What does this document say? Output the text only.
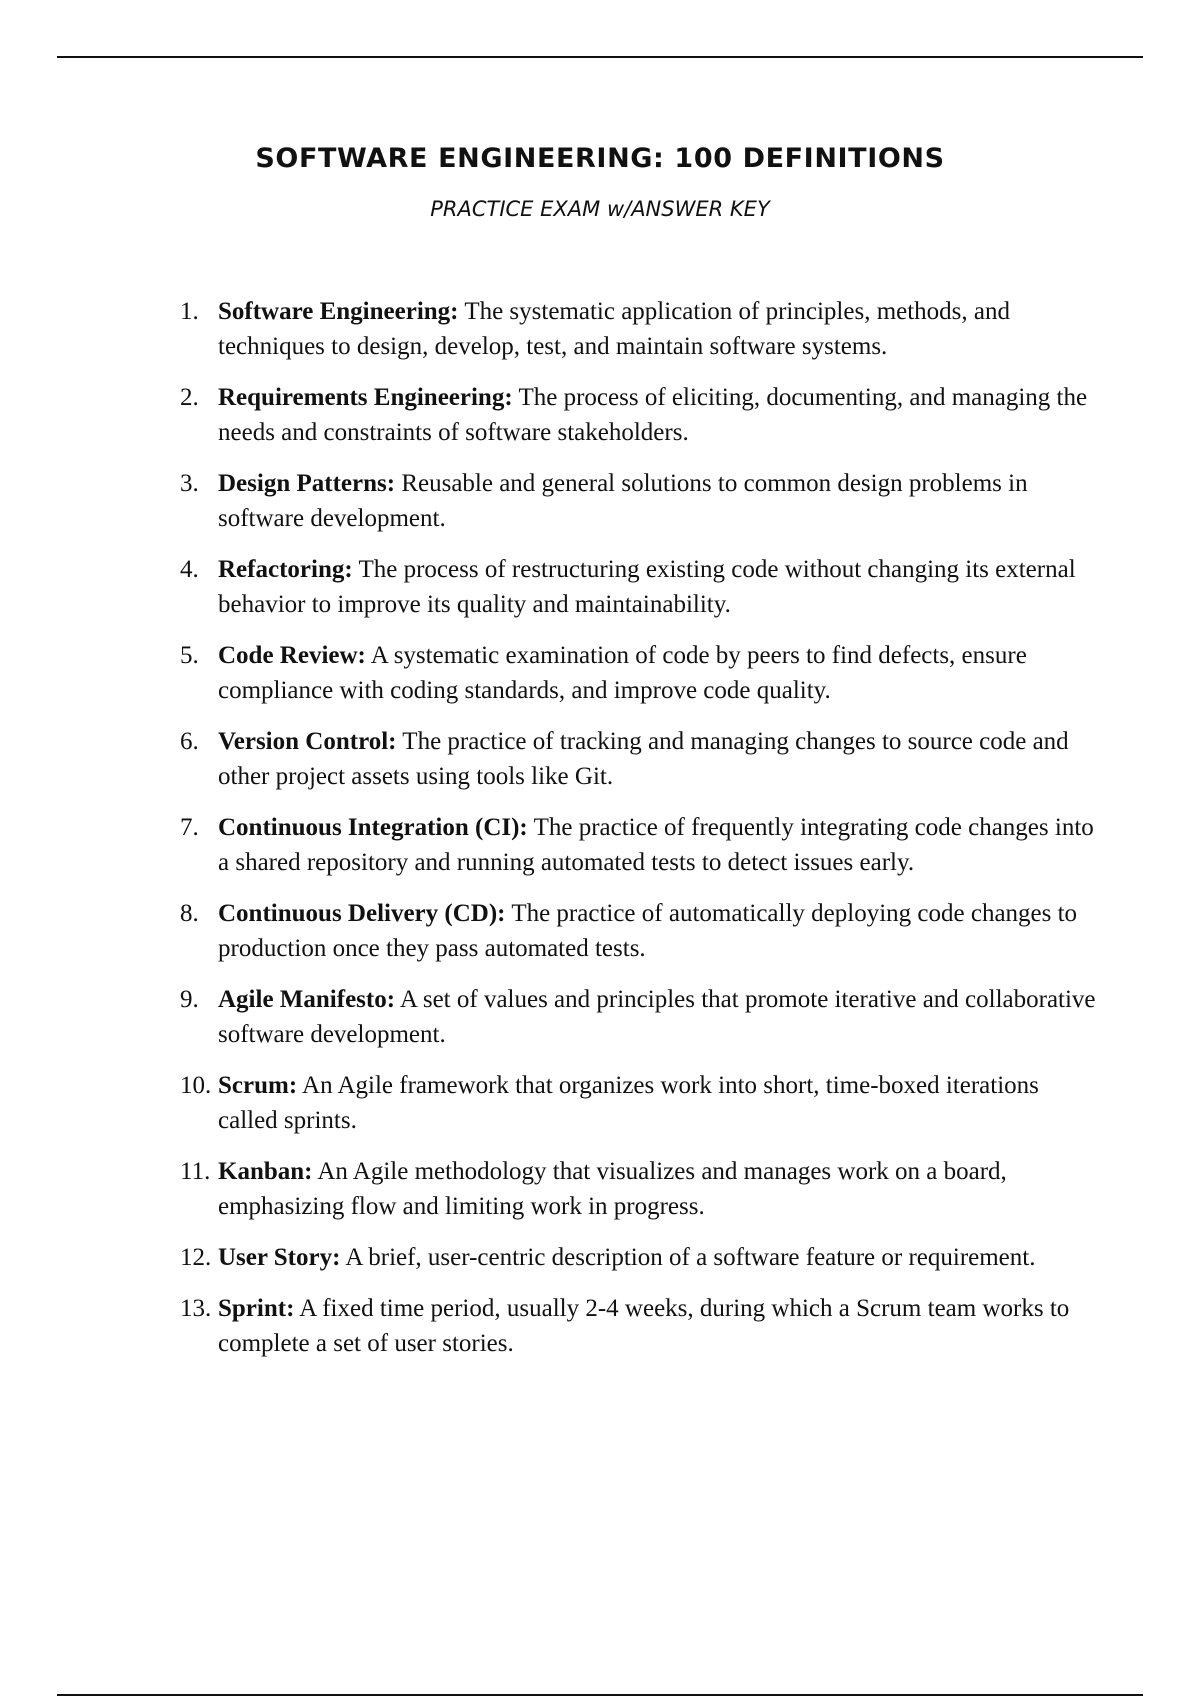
SOFTWARE ENGINEERING: 100 DEFINITIONS

PRACTICE EXAM w/ANSWER KEY

1. Software Engineering: The systematic application of principles, methods, and techniques to design, develop, test, and maintain software systems.
2. Requirements Engineering: The process of eliciting, documenting, and managing the needs and constraints of software stakeholders.
3. Design Patterns: Reusable and general solutions to common design problems in software development.
4. Refactoring: The process of restructuring existing code without changing its external behavior to improve its quality and maintainability.
5. Code Review: A systematic examination of code by peers to find defects, ensure compliance with coding standards, and improve code quality.
6. Version Control: The practice of tracking and managing changes to source code and other project assets using tools like Git.
7. Continuous Integration (CI): The practice of frequently integrating code changes into a shared repository and running automated tests to detect issues early.
8. Continuous Delivery (CD): The practice of automatically deploying code changes to production once they pass automated tests.
9. Agile Manifesto: A set of values and principles that promote iterative and collaborative software development.
10. Scrum: An Agile framework that organizes work into short, time-boxed iterations called sprints.
11. Kanban: An Agile methodology that visualizes and manages work on a board, emphasizing flow and limiting work in progress.
12. User Story: A brief, user-centric description of a software feature or requirement.
13. Sprint: A fixed time period, usually 2-4 weeks, during which a Scrum team works to complete a set of user stories.
